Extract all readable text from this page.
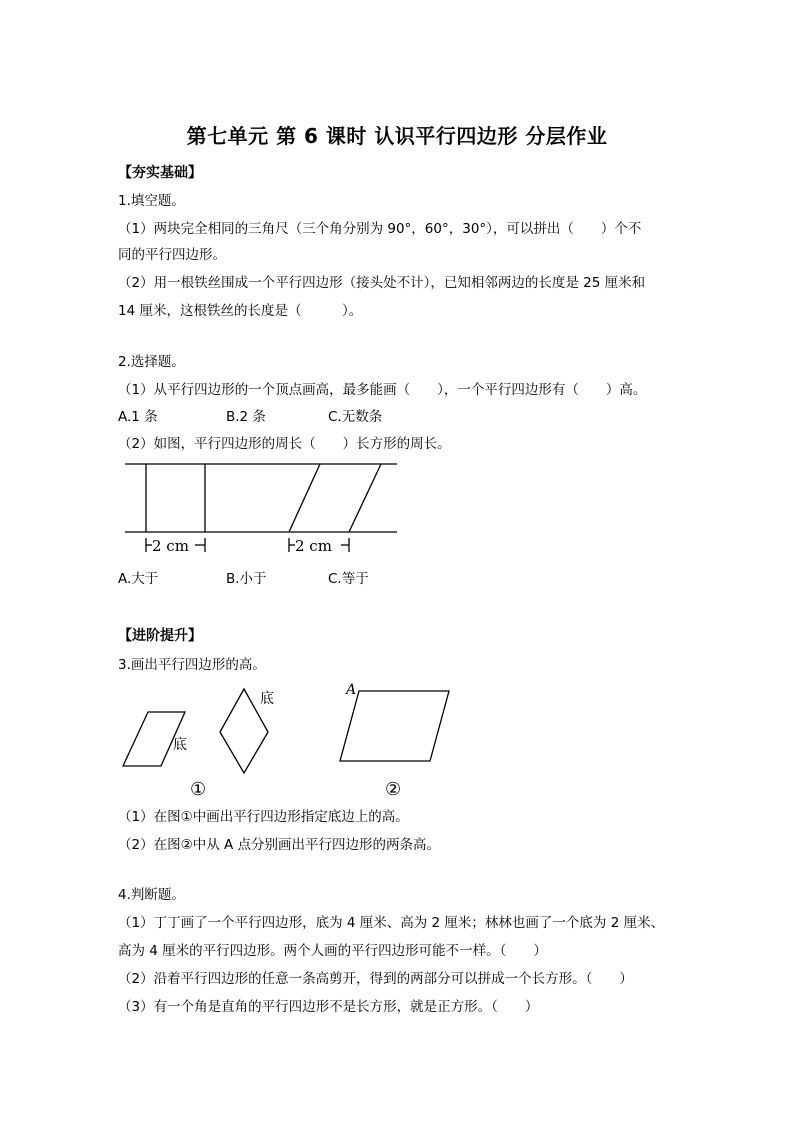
第七单元 第 6 课时 认识平行四边形 分层作业
【夯实基础】
1.填空题。
（1）两块完全相同的三角尺（三个角分别为 90°，60°，30°），可以拼出（　　）个不
同的平行四边形。
（2）用一根铁丝围成一个平行四边形（接头处不计），已知相邻两边的长度是 25 厘米和
14 厘米，这根铁丝的长度是（　　　）。
2.选择题。
（1）从平行四边形的一个顶点画高，最多能画（　　），一个平行四边形有（　　）高。
A.1 条	B.2 条	C.无数条
（2）如图，平行四边形的周长（　　）长方形的周长。
2 cm	2 cm
A.大于	B.小于	C.等于
【进阶提升】
3.画出平行四边形的高。
底
底
①
A
②
（1）在图①中画出平行四边形指定底边上的高。
（2）在图②中从 A 点分别画出平行四边形的两条高。
4.判断题。
（1）丁丁画了一个平行四边形，底为 4 厘米、高为 2 厘米；林林也画了一个底为 2 厘米、
高为 4 厘米的平行四边形。两个人画的平行四边形可能不一样。（　　）
（2）沿着平行四边形的任意一条高剪开，得到的两部分可以拼成一个长方形。（　　）
（3）有一个角是直角的平行四边形不是长方形，就是正方形。（　　）
